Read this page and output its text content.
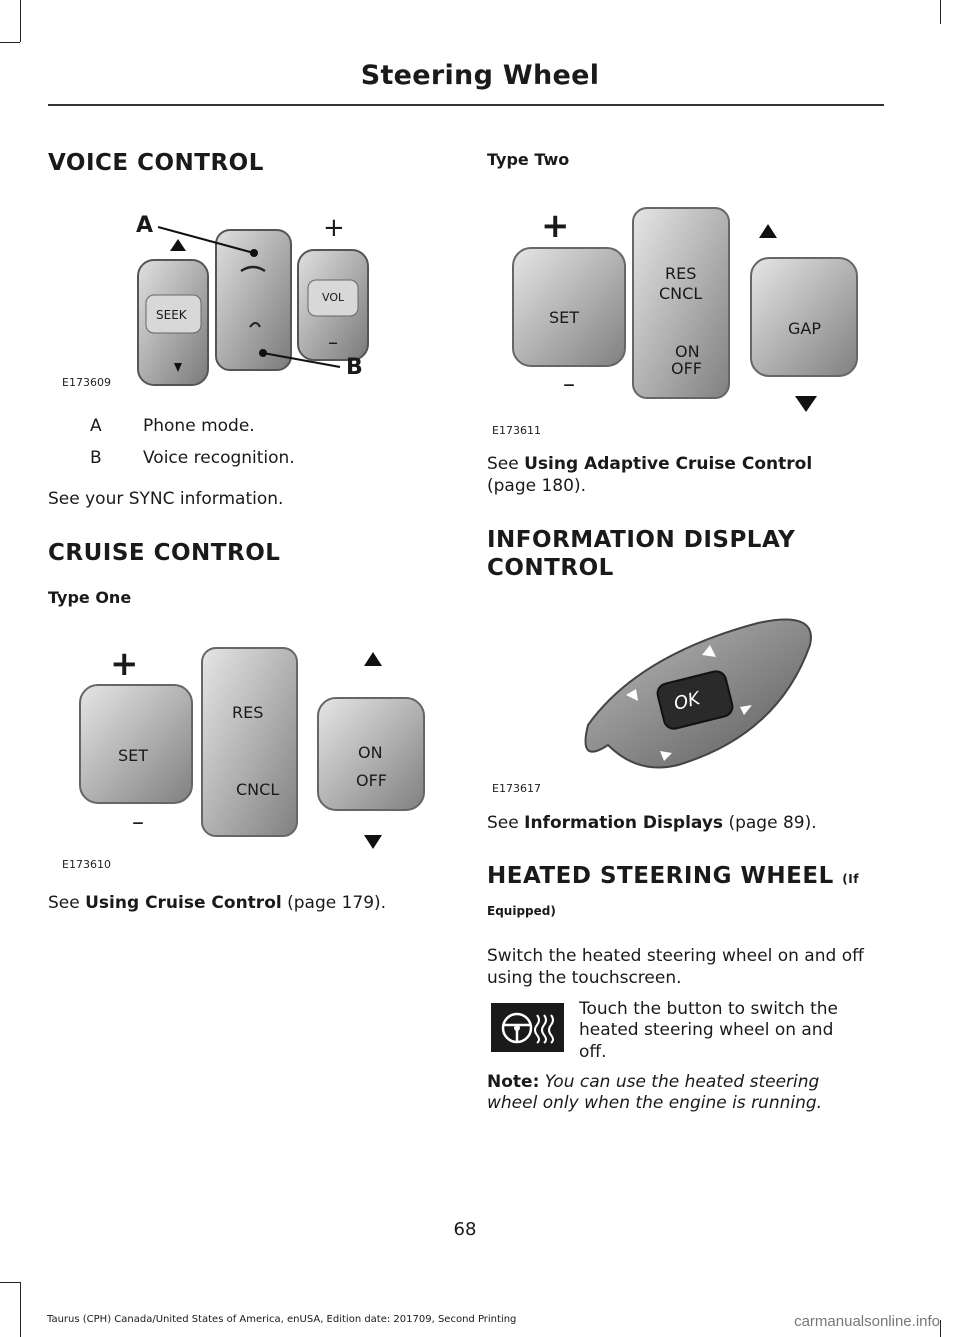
Steering Wheel
VOICE CONTROL
A
B
SEEK
VOL
+
–
E173609
A Phone mode.
B Voice recognition.

See your SYNC information.

CRUISE CONTROL
Type One
+
–
SET
RES
CNCL
ON
OFF
E173610

See Using Cruise Control (page 179).

Type Two
+
–
SET
RES
CNCL
ON
OFF
GAP
E173611

See Using Adaptive Cruise Control
(page 180).

INFORMATION DISPLAY
CONTROL
OK
E173617

See Information Displays (page 89).

HEATED STEERING WHEEL (If
Equipped)

Switch the heated steering wheel on and off using the touchscreen.

Touch the button to switch the

heated steering wheel on and

off.

Note: You can use the heated steering

wheel only when the engine is running.

68
Taurus (CPH) Canada/United States of America, enUSA, Edition date: 201709, Second Printing	carmanualsonline.info
